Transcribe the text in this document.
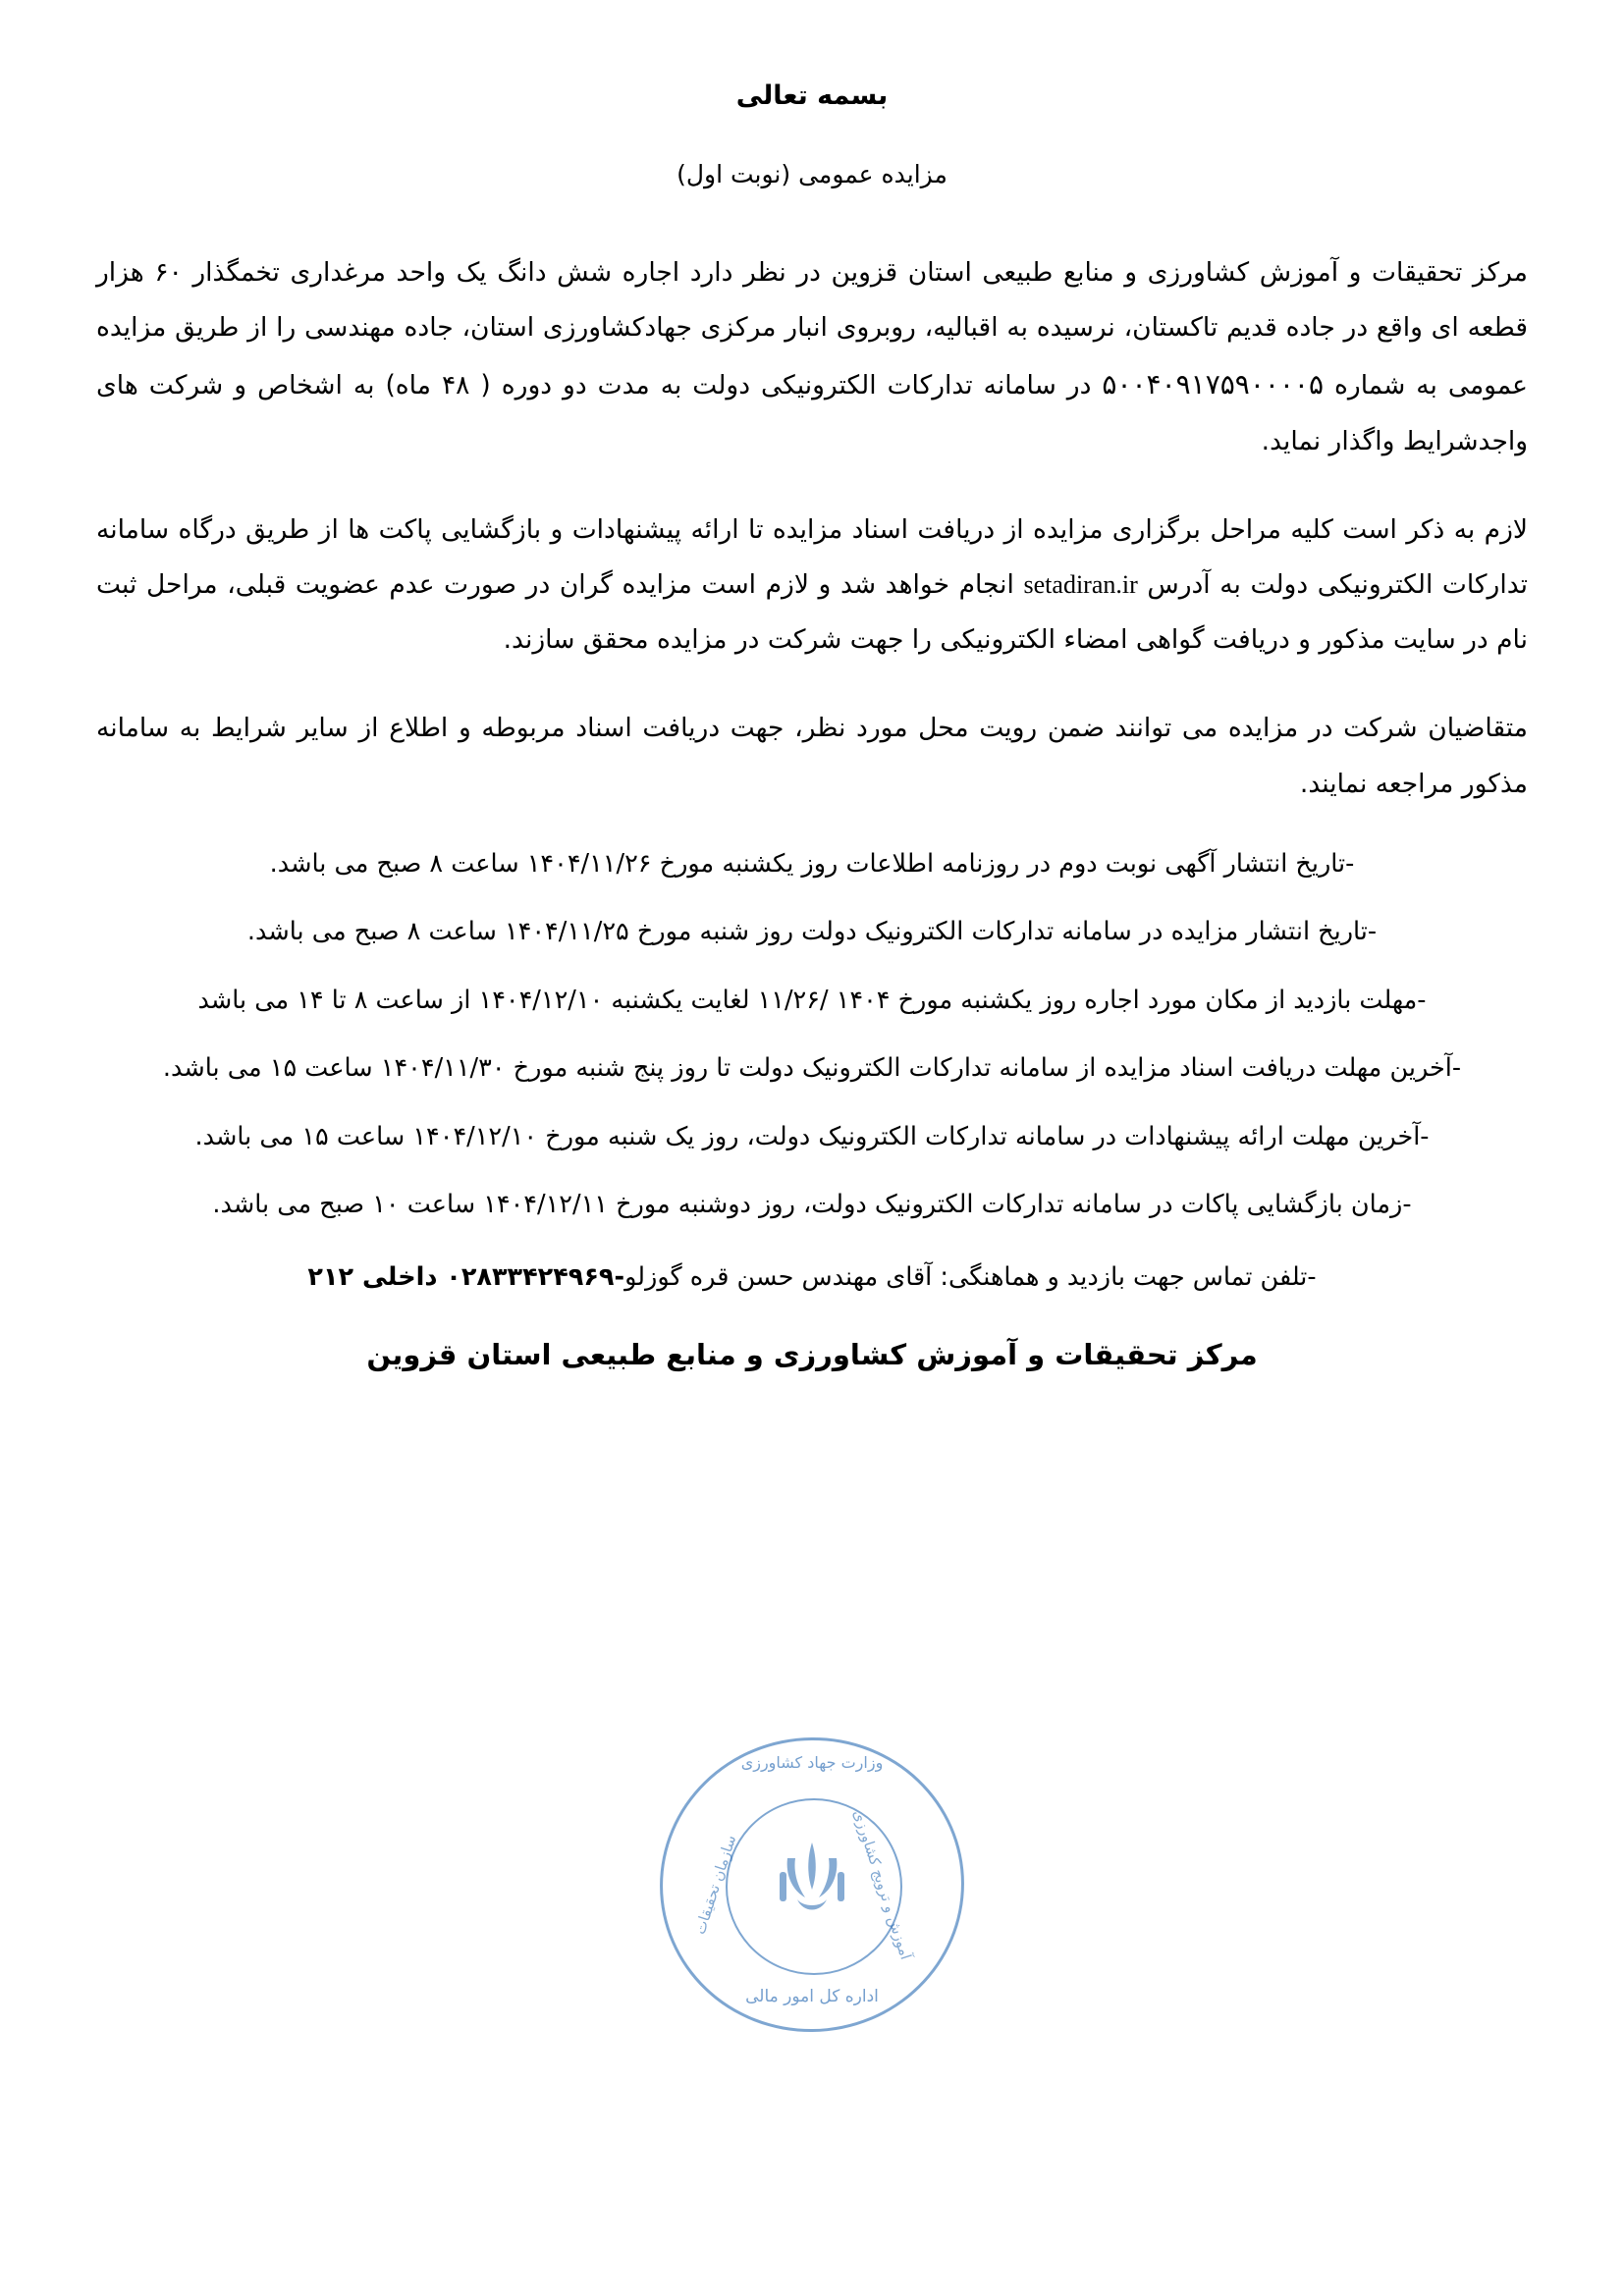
بسمه تعالی
مزایده عمومی (نوبت اول)

مرکز تحقیقات و آموزش کشاورزی و منابع طبیعی استان قزوین در نظر دارد اجاره شش دانگ یک واحد مرغداری تخمگذار ۶۰ هزار قطعه ای واقع در جاده قدیم تاکستان، نرسیده به اقبالیه، روبروی انبار مرکزی جهادکشاورزی استان، جاده مهندسی را از طریق مزایده عمومی به شماره ۵۰۰۴۰۹۱۷۵۹۰۰۰۰۵ در سامانه تدارکات الکترونیکی دولت به مدت دو دوره ( ۴۸ ماه) به اشخاص و شرکت های واجدشرایط واگذار نماید.

لازم به ذکر است کلیه مراحل برگزاری مزایده از دریافت اسناد مزایده تا ارائه پیشنهادات و بازگشایی پاکت ها از طریق درگاه سامانه تدارکات الکترونیکی دولت به آدرس setadiran.ir انجام خواهد شد و لازم است مزایده گران در صورت عدم عضویت قبلی، مراحل ثبت نام در سایت مذکور و دریافت گواهی امضاء الکترونیکی را جهت شرکت در مزایده محقق سازند.

متقاضیان شرکت در مزایده می توانند ضمن رویت محل مورد نظر، جهت دریافت اسناد مربوطه و اطلاع از سایر شرایط به سامانه مذکور مراجعه نمایند.

-تاریخ انتشار آگهی نوبت دوم در روزنامه اطلاعات روز یکشنبه مورخ ۱۴۰۴/۱۱/۲۶ ساعت ۸ صبح می باشد.
-تاریخ انتشار مزایده در سامانه تدارکات الکترونیک دولت روز شنبه مورخ ۱۴۰۴/۱۱/۲۵ ساعت ۸ صبح می باشد.
-مهلت بازدید از مکان مورد اجاره روز یکشنبه مورخ ۱۴۰۴ /۱۱/۲۶ لغایت یکشنبه ۱۴۰۴/۱۲/۱۰ از ساعت ۸ تا ۱۴ می باشد
-آخرین مهلت دریافت اسناد مزایده از سامانه تدارکات الکترونیک دولت تا روز پنج شنبه مورخ ۱۴۰۴/۱۱/۳۰ ساعت ۱۵ می باشد.
-آخرین مهلت ارائه پیشنهادات در سامانه تدارکات الکترونیک دولت، روز یک شنبه مورخ ۱۴۰۴/۱۲/۱۰ ساعت ۱۵ می باشد.
-زمان بازگشایی پاکات در سامانه تدارکات الکترونیک دولت، روز دوشنبه مورخ ۱۴۰۴/۱۲/۱۱ ساعت ۱۰ صبح می باشد.
-تلفن تماس جهت بازدید و هماهنگی: آقای مهندس حسن قره گوزلو-۰۲۸۳۳۴۲۴۹۶۹ داخلی ۲۱۲
مرکز تحقیقات و آموزش کشاورزی و منابع طبیعی استان قزوین
وزارت جهاد کشاورزی
سازمان تحقیقات	آموزش و ترویج کشاورزی
اداره کل امور مالی
